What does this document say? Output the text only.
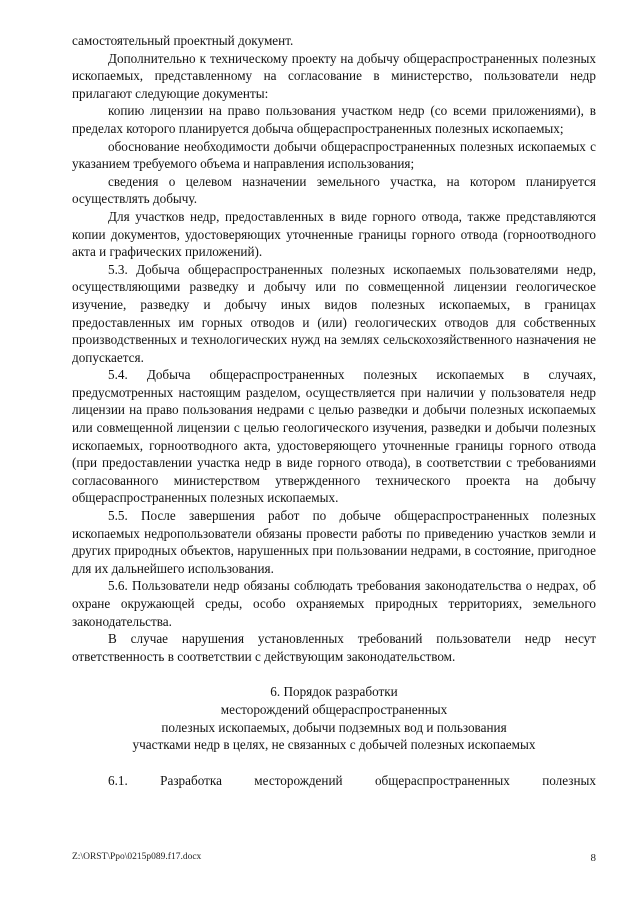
самостоятельный проектный документ.

Дополнительно к техническому проекту на добычу общераспространенных полезных ископаемых, представленному на согласование в министерство, пользователи недр прилагают следующие документы:

копию лицензии на право пользования участком недр (со всеми приложениями), в пределах которого планируется добыча общераспространенных полезных ископаемых;

обоснование необходимости добычи общераспространенных полезных ископаемых с указанием требуемого объема и направления использования;

сведения о целевом назначении земельного участка, на котором планируется осуществлять добычу.

Для участков недр, предоставленных в виде горного отвода, также представляются копии документов, удостоверяющих уточненные границы горного отвода (горноотводного акта и графических приложений).

5.3. Добыча общераспространенных полезных ископаемых пользователями недр, осуществляющими разведку и добычу или по совмещенной лицензии геологическое изучение, разведку и добычу иных видов полезных ископаемых, в границах предоставленных им горных отводов и (или) геологических отводов для собственных производственных и технологических нужд на землях сельскохозяйственного назначения не допускается.

5.4. Добыча общераспространенных полезных ископаемых в случаях, предусмотренных настоящим разделом, осуществляется при наличии у пользователя недр лицензии на право пользования недрами с целью разведки и добычи полезных ископаемых или совмещенной лицензии с целью геологического изучения, разведки и добычи полезных ископаемых, горноотводного акта, удостоверяющего уточненные границы горного отвода (при предоставлении участка недр в виде горного отвода), в соответствии с требованиями согласованного министерством утвержденного технического проекта на добычу общераспространенных полезных ископаемых.

5.5. После завершения работ по добыче общераспространенных полезных ископаемых недропользователи обязаны провести работы по приведению участков земли и других природных объектов, нарушенных при пользовании недрами, в состояние, пригодное для их дальнейшего использования.

5.6. Пользователи недр обязаны соблюдать требования законодательства о недрах, об охране окружающей среды, особо охраняемых природных территориях, земельного законодательства.

В случае нарушения установленных требований пользователи недр несут ответственность в соответствии с действующим законодательством.

6. Порядок разработки

месторождений общераспространенных

полезных ископаемых, добычи подземных вод и пользования

участками недр в целях, не связанных с добычей полезных ископаемых

6.1. Разработка месторождений общераспространенных полезных

Z:\ORST\Ppo\0215p089.f17.docx	8
